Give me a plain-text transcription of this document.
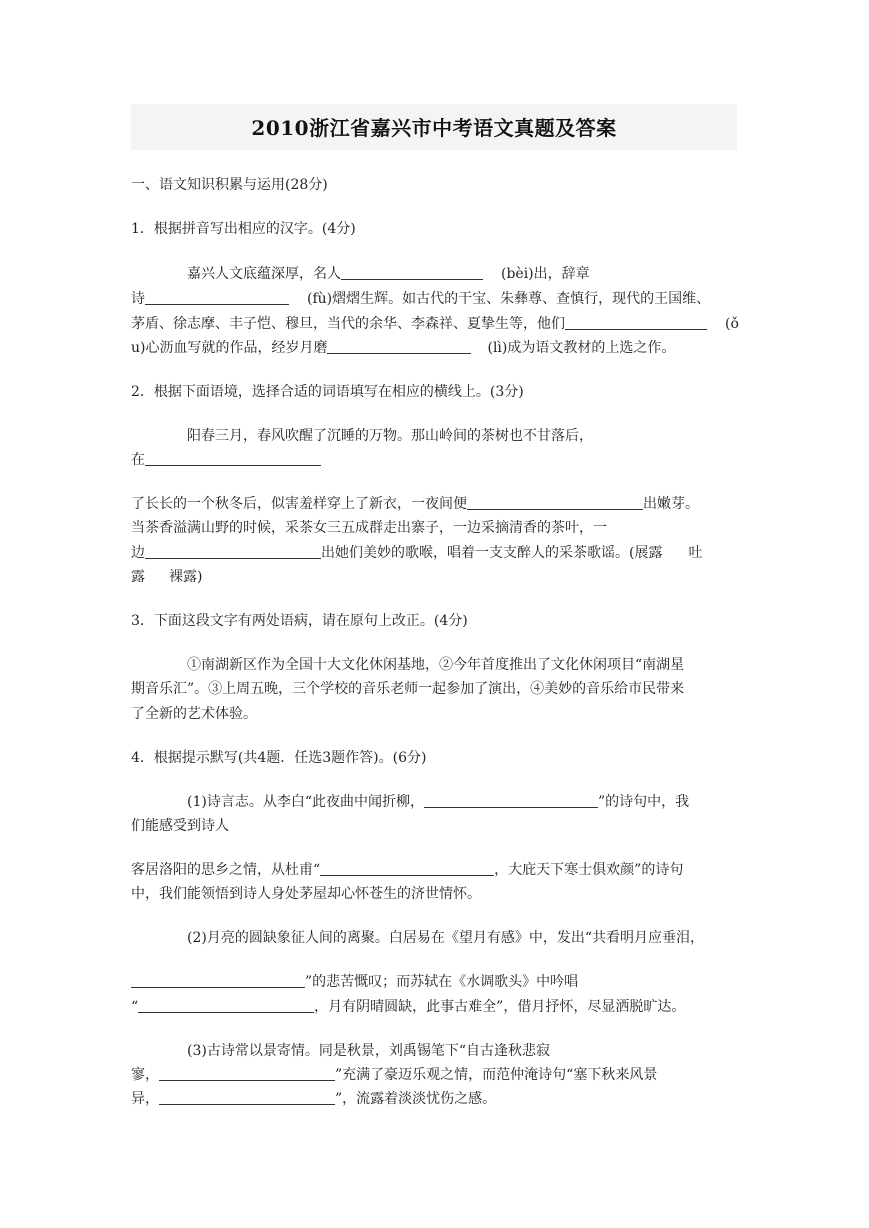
2010浙江省嘉兴市中考语文真题及答案
一、语文知识积累与运用(28分)
1．根据拼音写出相应的汉字。(4分)
嘉兴人文底蕴深厚，名人	(bèi)出，辞章
诗	(fù)熠熠生辉。如古代的干宝、朱彝尊、查慎行，现代的王国维、
茅盾、徐志摩、丰子恺、穆旦，当代的余华、李森祥、夏挚生等，他们	(ǒ
u)心沥血写就的作品，经岁月磨	(lì)成为语文教材的上选之作。
2．根据下面语境，选择合适的词语填写在相应的横线上。(3分)
阳春三月，春风吹醒了沉睡的万物。那山岭间的茶树也不甘落后，
在
了长长的一个秋冬后，似害羞样穿上了新衣，一夜间便	出嫩芽。
当茶香溢满山野的时候，采茶女三五成群走出寨子，一边采摘清香的茶叶，一
边	出她们美妙的歌喉，唱着一支支醉人的采茶歌谣。(展露 吐
露 裸露)
3．下面这段文字有两处语病，请在原句上改正。(4分)
①南湖新区作为全国十大文化休闲基地，②今年首度推出了文化休闲项目“南湖星
期音乐汇”。③上周五晚，三个学校的音乐老师一起参加了演出，④美妙的音乐给市民带来
了全新的艺术体验。
4．根据提示默写(共4题．任选3题作答)。(6分)
(1)诗言志。从李白“此夜曲中闻折柳，	”的诗句中，我
们能感受到诗人
客居洛阳的思乡之情，从杜甫“	，大庇天下寒士俱欢颜”的诗句
中，我们能领悟到诗人身处茅屋却心怀苍生的济世情怀。
(2)月亮的圆缺象征人间的离聚。白居易在《望月有感》中，发出“共看明月应垂泪，
”的悲苦慨叹；而苏轼在《水调歌头》中吟唱
“	，月有阴晴圆缺，此事古难全”，借月抒怀，尽显洒脱旷达。
(3)古诗常以景寄情。同是秋景，刘禹锡笔下“自古逢秋悲寂
寥，	”充满了豪迈乐观之情，而范仲淹诗句“塞下秋来风景
异，	”，流露着淡淡忧伤之感。
